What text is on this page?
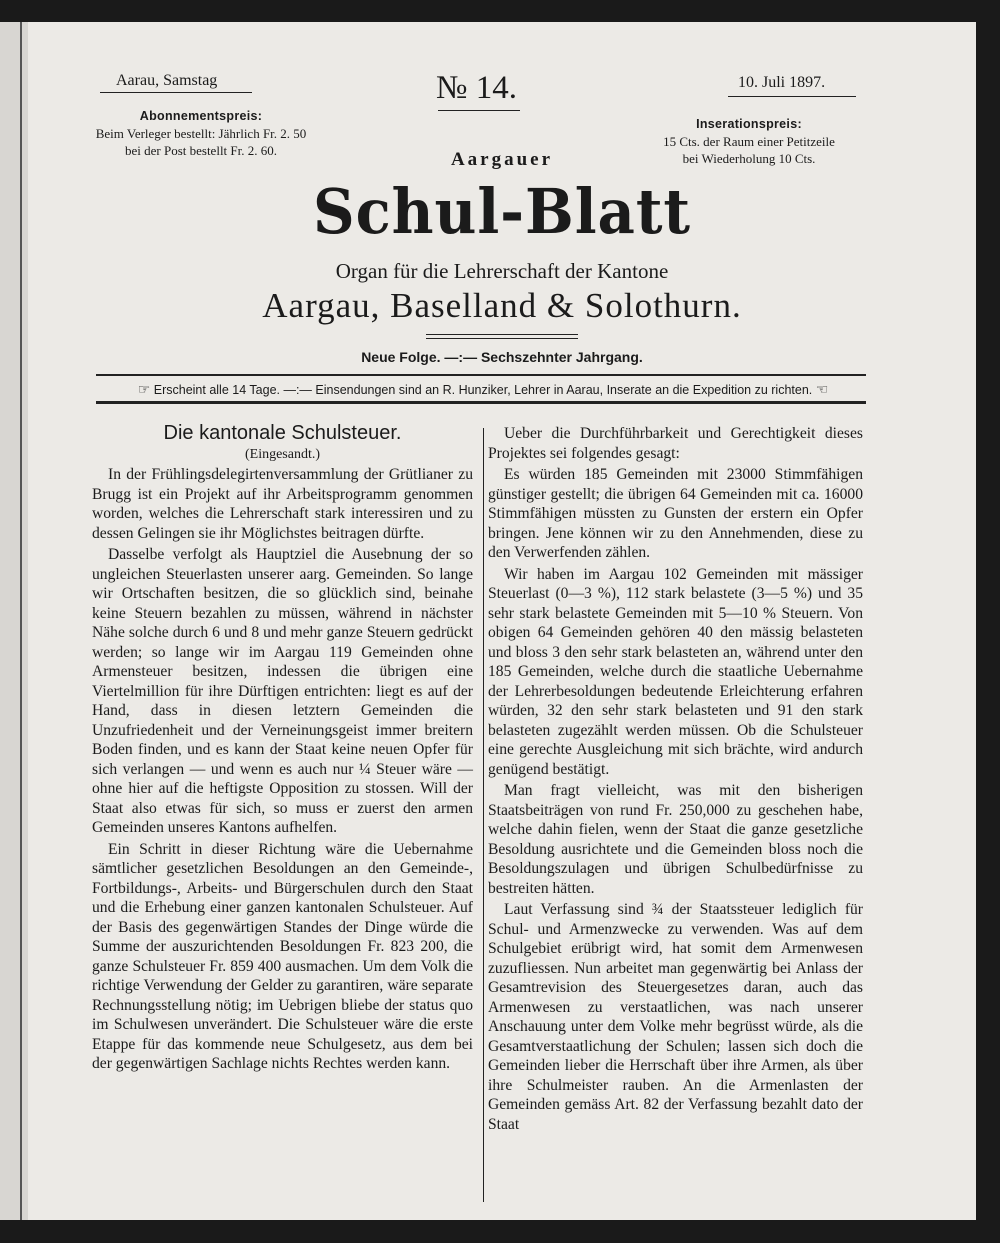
Aarau, Samstag	№ 14.	10. Juli 1897.
Abonnementspreis:
Beim Verleger bestellt: Jährlich Fr. 2. 50
bei der Post bestellt Fr. 2. 60.
Inserationspreis:
15 Cts. der Raum einer Petitzeile
bei Wiederholung 10 Cts.
Aargauer
Schul-Blatt
Organ für die Lehrerschaft der Kantone
Aargau, Baselland & Solothurn.
Neue Folge. —:— Sechszehnter Jahrgang.
☞ Erscheint alle 14 Tage. —:— Einsendungen sind an R. Hunziker, Lehrer in Aarau, Inserate an die Expedition zu richten. ☜
Die kantonale Schulsteuer.
(Eingesandt.)

In der Frühlingsdelegirtenversammlung der Grütlianer zu Brugg ist ein Projekt auf ihr Arbeitsprogramm genommen worden, welches die Lehrerschaft stark interessiren und zu dessen Gelingen sie ihr Möglichstes beitragen dürfte.

Dasselbe verfolgt als Hauptziel die Ausebnung der so ungleichen Steuerlasten unserer aarg. Gemeinden. So lange wir Ortschaften besitzen, die so glücklich sind, beinahe keine Steuern bezahlen zu müssen, während in nächster Nähe solche durch 6 und 8 und mehr ganze Steuern gedrückt werden; so lange wir im Aargau 119 Gemeinden ohne Armensteuer besitzen, indessen die übrigen eine Viertelmillion für ihre Dürftigen entrichten: liegt es auf der Hand, dass in diesen letztern Gemeinden die Unzufriedenheit und der Verneinungsgeist immer breitern Boden finden, und es kann der Staat keine neuen Opfer für sich verlangen — und wenn es auch nur ¼ Steuer wäre — ohne hier auf die heftigste Opposition zu stossen. Will der Staat also etwas für sich, so muss er zuerst den armen Gemeinden unseres Kantons aufhelfen.

Ein Schritt in dieser Richtung wäre die Uebernahme sämtlicher gesetzlichen Besoldungen an den Gemeinde-, Fortbildungs-, Arbeits- und Bürgerschulen durch den Staat und die Erhebung einer ganzen kantonalen Schulsteuer. Auf der Basis des gegenwärtigen Standes der Dinge würde die Summe der auszurichtenden Besoldungen Fr. 823 200, die ganze Schulsteuer Fr. 859 400 ausmachen. Um dem Volk die richtige Verwendung der Gelder zu garantiren, wäre separate Rechnungsstellung nötig; im Uebrigen bliebe der status quo im Schulwesen unverändert. Die Schulsteuer wäre die erste Etappe für das kommende neue Schulgesetz, aus dem bei der gegenwärtigen Sachlage nichts Rechtes werden kann.

Ueber die Durchführbarkeit und Gerechtigkeit dieses Projektes sei folgendes gesagt:

Es würden 185 Gemeinden mit 23000 Stimmfähigen günstiger gestellt; die übrigen 64 Gemeinden mit ca. 16000 Stimmfähigen müssten zu Gunsten der erstern ein Opfer bringen. Jene können wir zu den Annehmenden, diese zu den Verwerfenden zählen.

Wir haben im Aargau 102 Gemeinden mit mässiger Steuerlast (0—3 %), 112 stark belastete (3—5 %) und 35 sehr stark belastete Gemeinden mit 5—10 % Steuern. Von obigen 64 Gemeinden gehören 40 den mässig belasteten und bloss 3 den sehr stark belasteten an, während unter den 185 Gemeinden, welche durch die staatliche Uebernahme der Lehrerbesoldungen bedeutende Erleichterung erfahren würden, 32 den sehr stark belasteten und 91 den stark belasteten zugezählt werden müssen. Ob die Schulsteuer eine gerechte Ausgleichung mit sich brächte, wird andurch genügend bestätigt.

Man fragt vielleicht, was mit den bisherigen Staatsbeiträgen von rund Fr. 250,000 zu geschehen habe, welche dahin fielen, wenn der Staat die ganze gesetzliche Besoldung ausrichtete und die Gemeinden bloss noch die Besoldungszulagen und übrigen Schulbedürfnisse zu bestreiten hätten.

Laut Verfassung sind ¾ der Staatssteuer lediglich für Schul- und Armenzwecke zu verwenden. Was auf dem Schulgebiet erübrigt wird, hat somit dem Armenwesen zuzufliessen. Nun arbeitet man gegenwärtig bei Anlass der Gesamtrevision des Steuergesetzes daran, auch das Armenwesen zu verstaatlichen, was nach unserer Anschauung unter dem Volke mehr begrüsst würde, als die Gesamtverstaatlichung der Schulen; lassen sich doch die Gemeinden lieber die Herrschaft über ihre Armen, als über ihre Schulmeister rauben. An die Armenlasten der Gemeinden gemäss Art. 82 der Verfassung bezahlt dato der Staat
